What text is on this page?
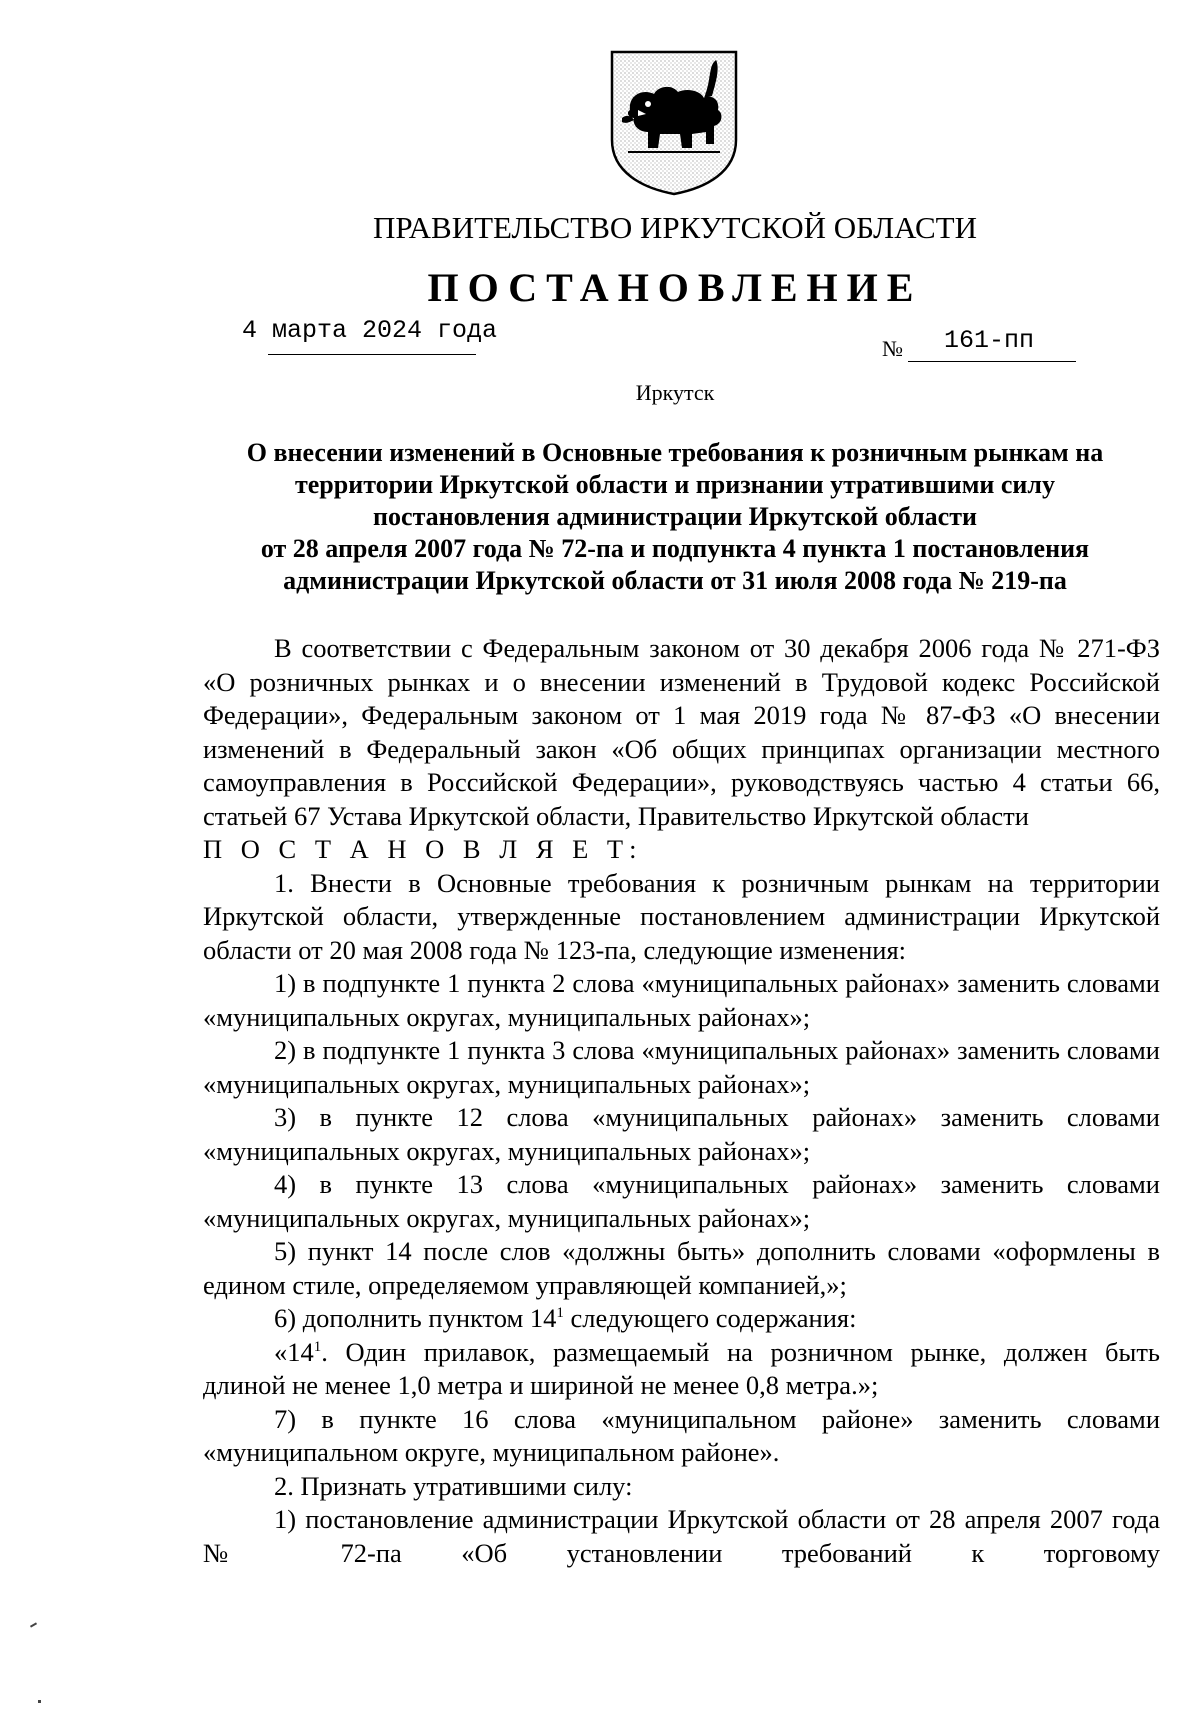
ПРАВИТЕЛЬСТВО ИРКУТСКОЙ ОБЛАСТИ
ПОСТАНОВЛЕНИЕ
4 марта 2024 года
№ 161-пп
Иркутск
О внесении изменений в Основные требования к розничным рынкам на
территории Иркутской области и признании утратившими силу
постановления администрации Иркутской области
от 28 апреля 2007 года № 72-па и подпункта 4 пункта 1 постановления
администрации Иркутской области от 31 июля 2008 года № 219-па

В соответствии с Федеральным законом от 30 декабря 2006 года № 271-ФЗ «О розничных рынках и о внесении изменений в Трудовой кодекс Российской Федерации», Федеральным законом от 1 мая 2019 года № 87-ФЗ «О внесении изменений в Федеральный закон «Об общих принципах организации местного самоуправления в Российской Федерации», руководствуясь частью 4 статьи 66, статьей 67 Устава Иркутской области, Правительство Иркутской области

П О С Т А Н О В Л Я Е Т:

1. Внести в Основные требования к розничным рынкам на территории Иркутской области, утвержденные постановлением администрации Иркутской области от 20 мая 2008 года № 123-па, следующие изменения:

1) в подпункте 1 пункта 2 слова «муниципальных районах» заменить словами «муниципальных округах, муниципальных районах»;

2) в подпункте 1 пункта 3 слова «муниципальных районах» заменить словами «муниципальных округах, муниципальных районах»;

3) в пункте 12 слова «муниципальных районах» заменить словами «муниципальных округах, муниципальных районах»;

4) в пункте 13 слова «муниципальных районах» заменить словами «муниципальных округах, муниципальных районах»;

5) пункт 14 после слов «должны быть» дополнить словами «оформлены в едином стиле, определяемом управляющей компанией,»;

6) дополнить пунктом $14^1$ следующего содержания:

«$14^1$. Один прилавок, размещаемый на розничном рынке, должен быть длиной не менее 1,0 метра и шириной не менее 0,8 метра.»;

7) в пункте 16 слова «муниципальном районе» заменить словами «муниципальном округе, муниципальном районе».

2. Признать утратившими силу:

1) постановление администрации Иркутской области от 28 апреля 2007 года № 72-па «Об установлении требований к торговому
